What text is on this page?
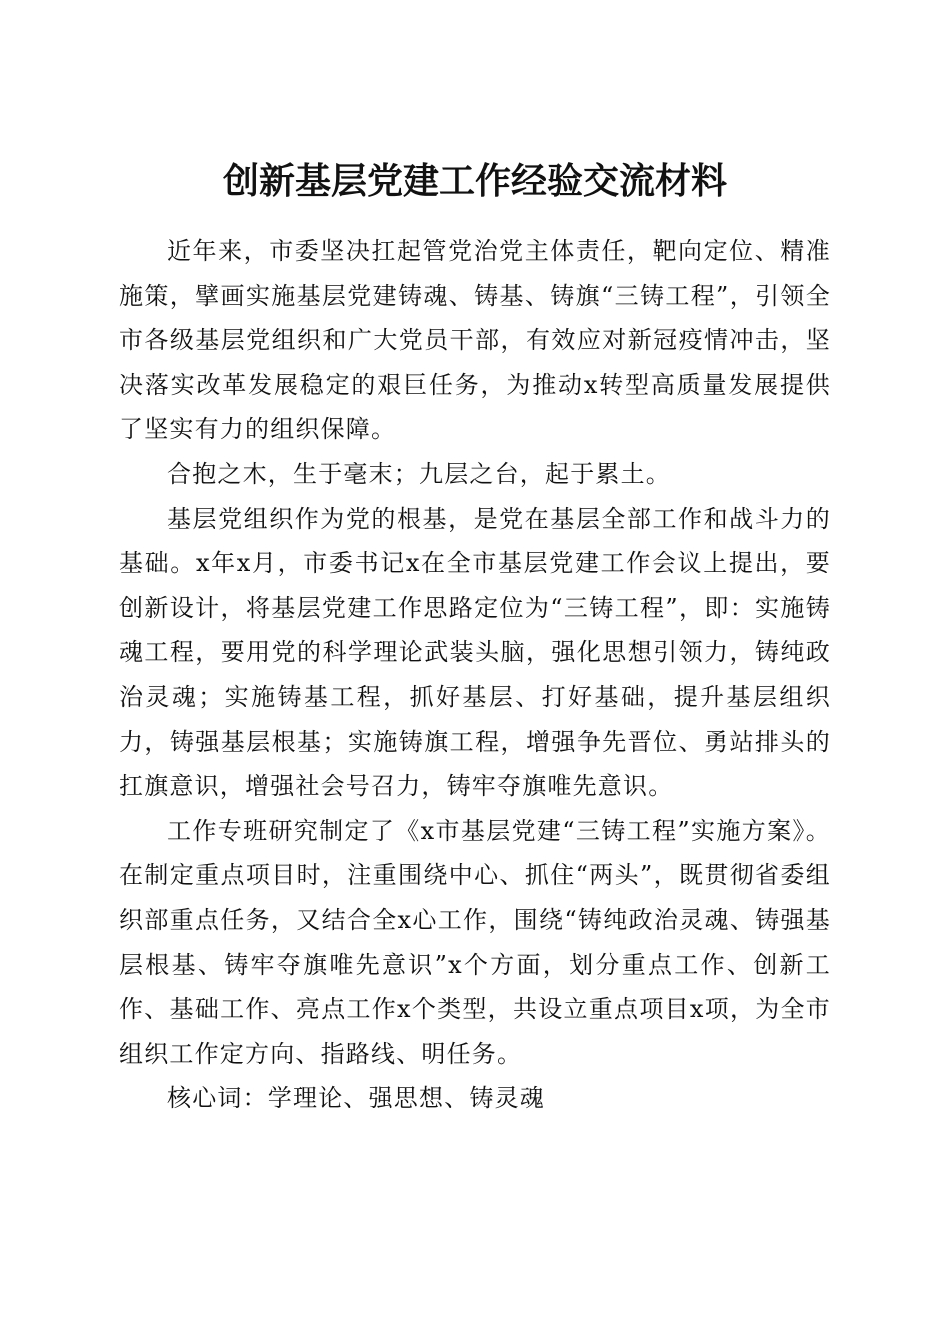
创新基层党建工作经验交流材料

近年来，市委坚决扛起管党治党主体责任，靶向定位、精准施策，擘画实施基层党建铸魂、铸基、铸旗“三铸工程”，引领全市各级基层党组织和广大党员干部，有效应对新冠疫情冲击，坚决落实改革发展稳定的艰巨任务，为推动x转型高质量发展提供了坚实有力的组织保障。

合抱之木，生于毫末；九层之台，起于累土。

基层党组织作为党的根基，是党在基层全部工作和战斗力的基础。x年x月，市委书记x在全市基层党建工作会议上提出，要创新设计，将基层党建工作思路定位为“三铸工程”，即：实施铸魂工程，要用党的科学理论武装头脑，强化思想引领力，铸纯政治灵魂；实施铸基工程，抓好基层、打好基础，提升基层组织力，铸强基层根基；实施铸旗工程，增强争先晋位、勇站排头的扛旗意识，增强社会号召力，铸牢夺旗唯先意识。

工作专班研究制定了《x市基层党建“三铸工程”实施方案》。在制定重点项目时，注重围绕中心、抓住“两头”，既贯彻省委组织部重点任务，又结合全x心工作，围绕“铸纯政治灵魂、铸强基层根基、铸牢夺旗唯先意识”x个方面，划分重点工作、创新工作、基础工作、亮点工作x个类型，共设立重点项目x项，为全市组织工作定方向、指路线、明任务。

核心词：学理论、强思想、铸灵魂
